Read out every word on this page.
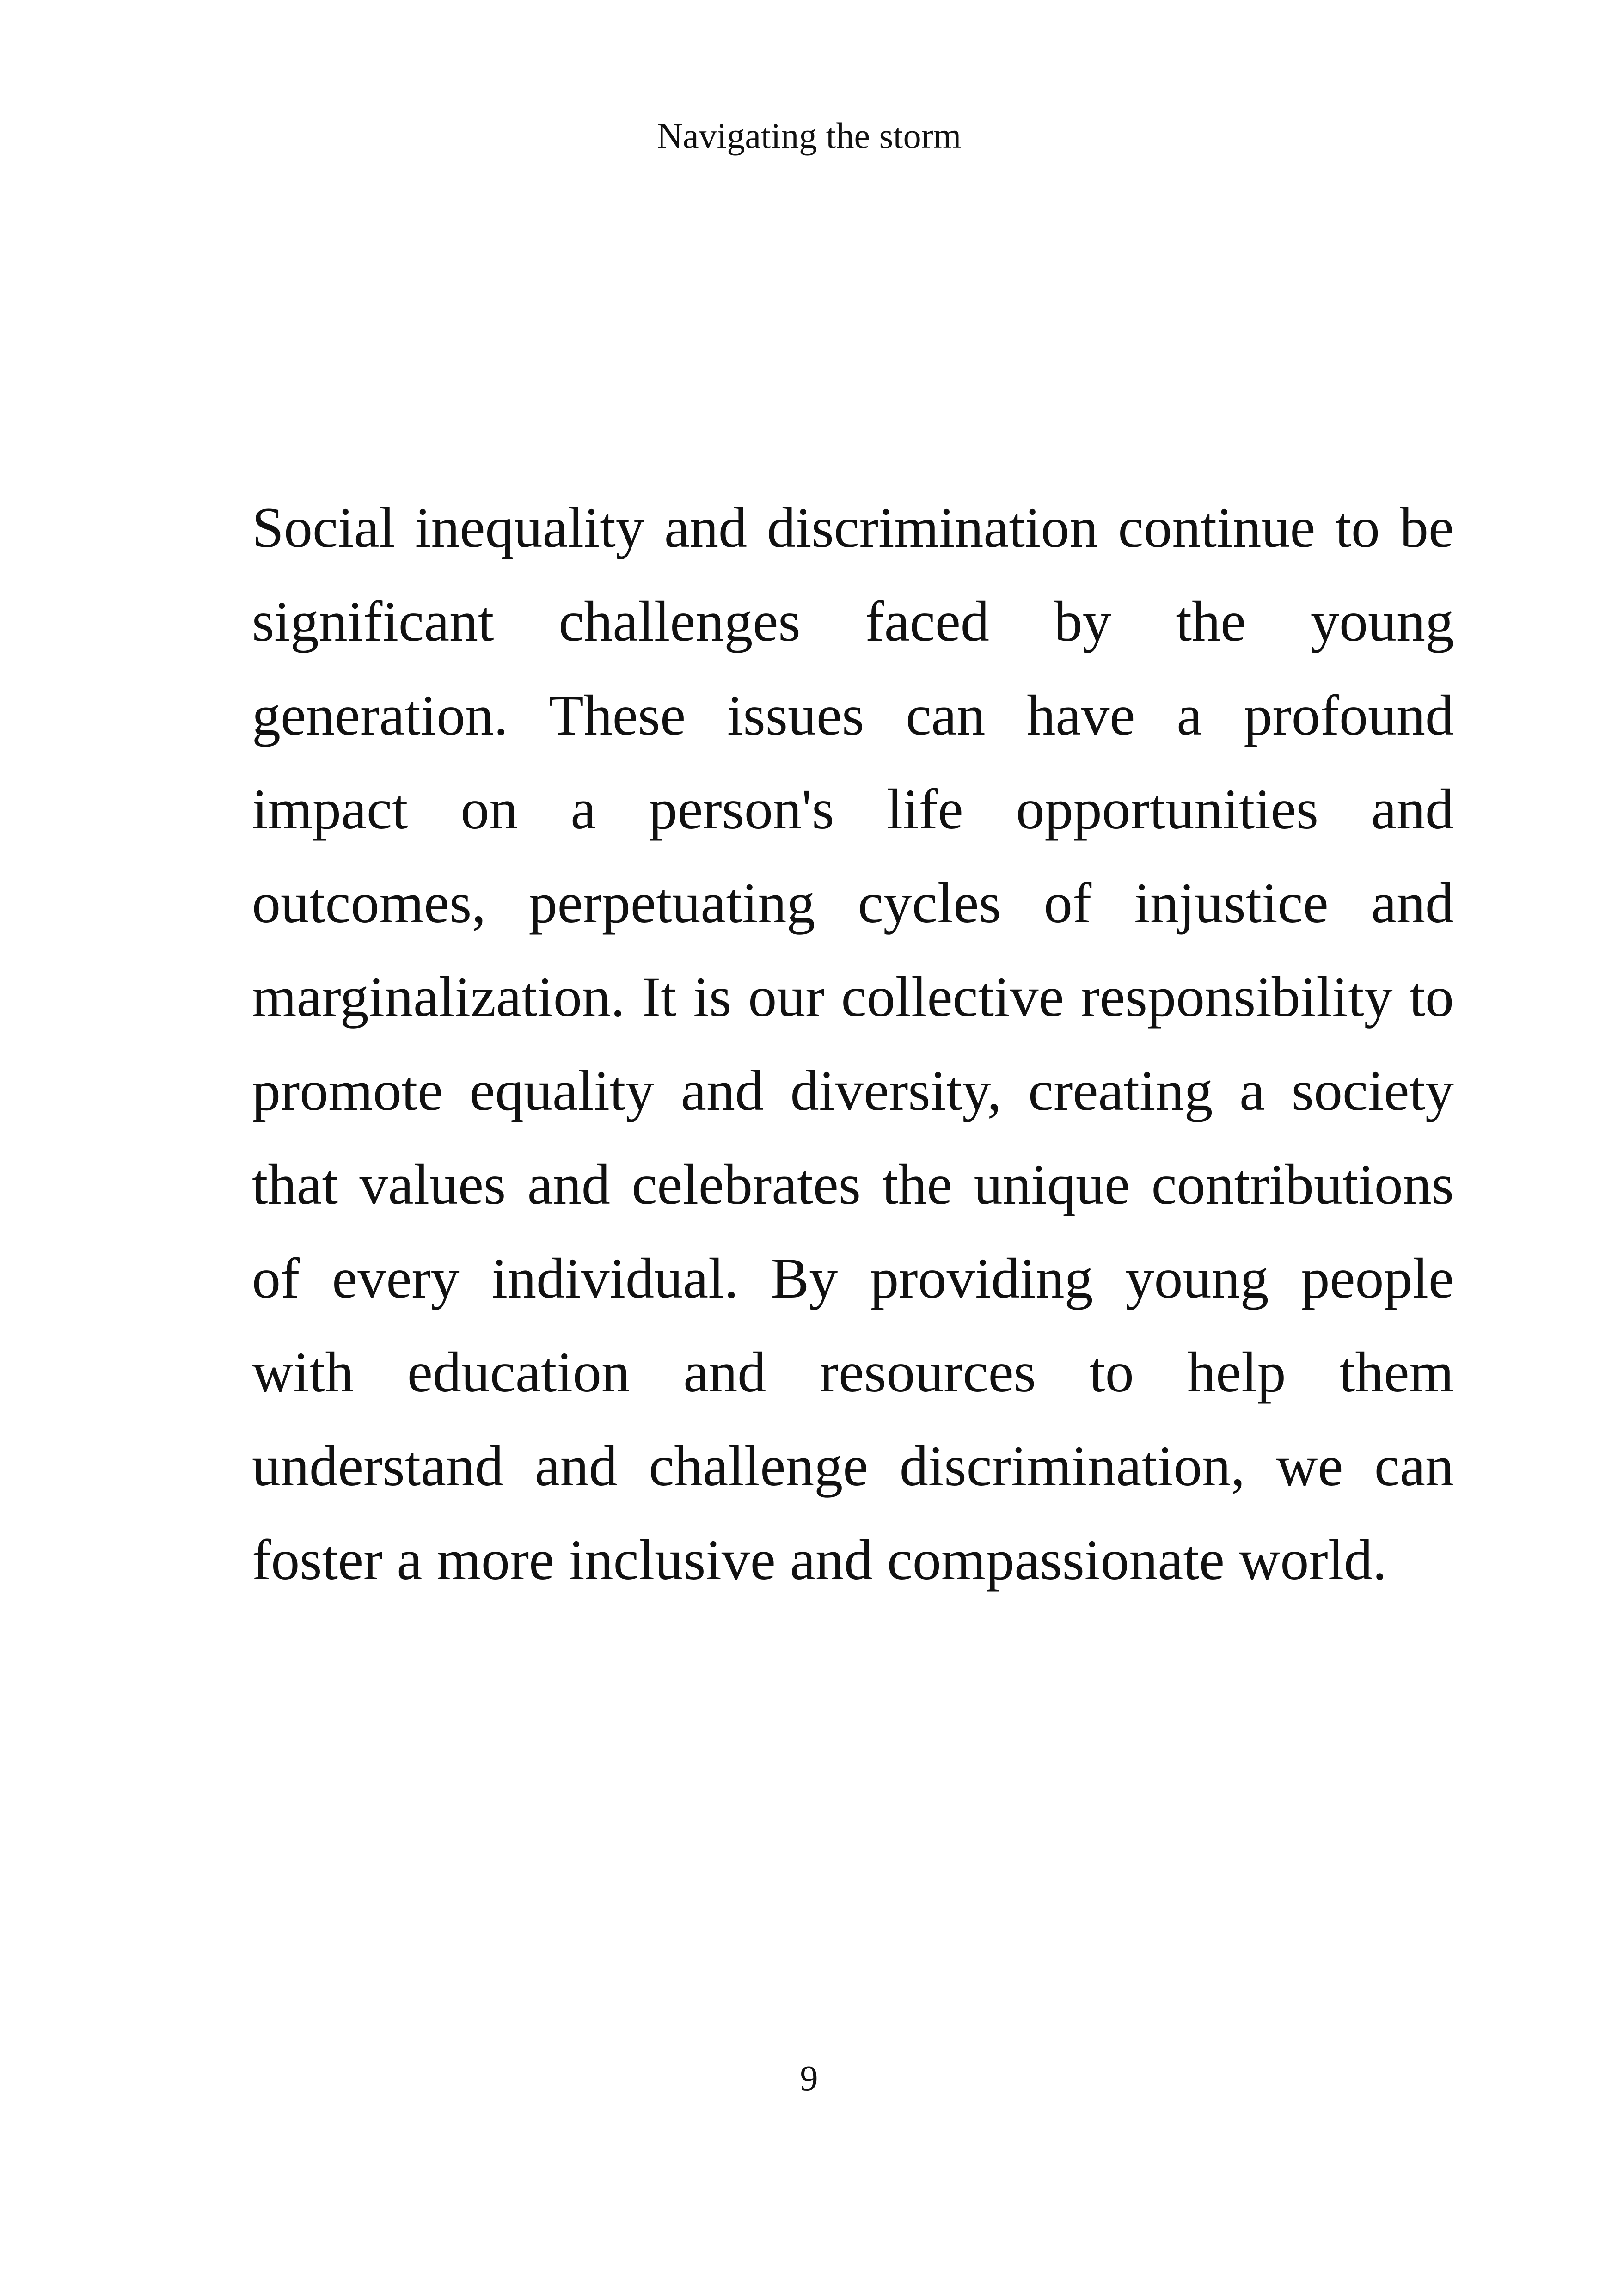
Navigating the storm

Social inequality and discrimination continue to be significant challenges faced by the young generation. These issues can have a profound impact on a person's life opportunities and outcomes, perpetuating cycles of injustice and marginalization. It is our collective responsibility to promote equality and diversity, creating a society that values and celebrates the unique contributions of every individual. By providing young people with education and resources to help them understand and challenge discrimination, we can foster a more inclusive and compassionate world.

9
